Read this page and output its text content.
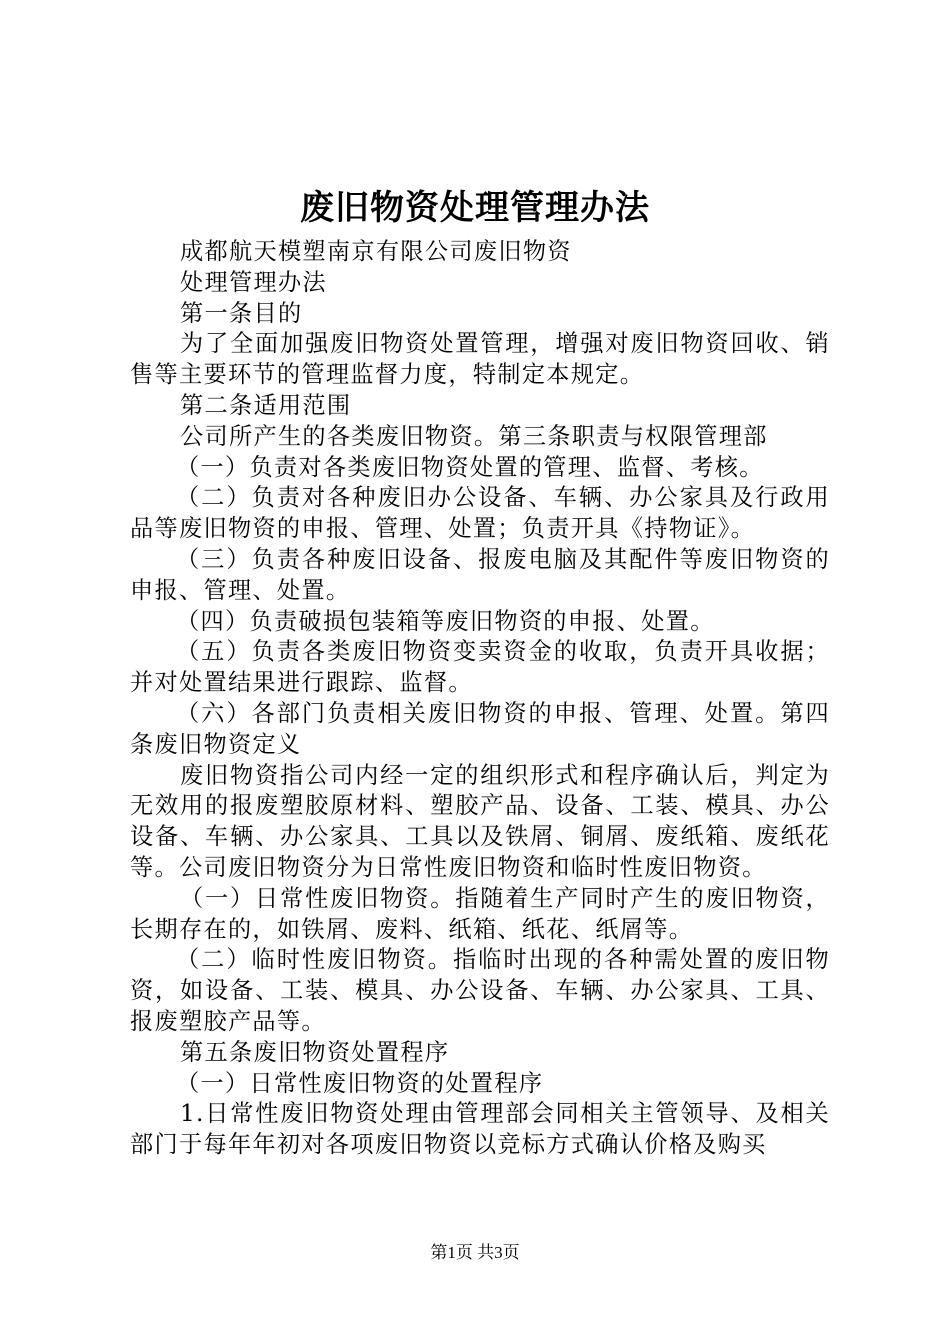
废旧物资处理管理办法

成都航天模塑南京有限公司废旧物资

处理管理办法

第一条目的

为了全面加强废旧物资处置管理，增强对废旧物资回收、销售等主要环节的管理监督力度，特制定本规定。

第二条适用范围

公司所产生的各类废旧物资。第三条职责与权限管理部

（一）负责对各类废旧物资处置的管理、监督、考核。

（二）负责对各种废旧办公设备、车辆、办公家具及行政用品等废旧物资的申报、管理、处置；负责开具《持物证》。

（三）负责各种废旧设备、报废电脑及其配件等废旧物资的申报、管理、处置。

（四）负责破损包装箱等废旧物资的申报、处置。

（五）负责各类废旧物资变卖资金的收取，负责开具收据；并对处置结果进行跟踪、监督。

（六）各部门负责相关废旧物资的申报、管理、处置。第四条废旧物资定义

废旧物资指公司内经一定的组织形式和程序确认后，判定为无效用的报废塑胶原材料、塑胶产品、设备、工装、模具、办公设备、车辆、办公家具、工具以及铁屑、铜屑、废纸箱、废纸花等。公司废旧物资分为日常性废旧物资和临时性废旧物资。

（一）日常性废旧物资。指随着生产同时产生的废旧物资，长期存在的，如铁屑、废料、纸箱、纸花、纸屑等。

（二）临时性废旧物资。指临时出现的各种需处置的废旧物资，如设备、工装、模具、办公设备、车辆、办公家具、工具、报废塑胶产品等。

第五条废旧物资处置程序

（一）日常性废旧物资的处置程序

1.日常性废旧物资处理由管理部会同相关主管领导、及相关部门于每年年初对各项废旧物资以竞标方式确认价格及购买

第1页 共3页
